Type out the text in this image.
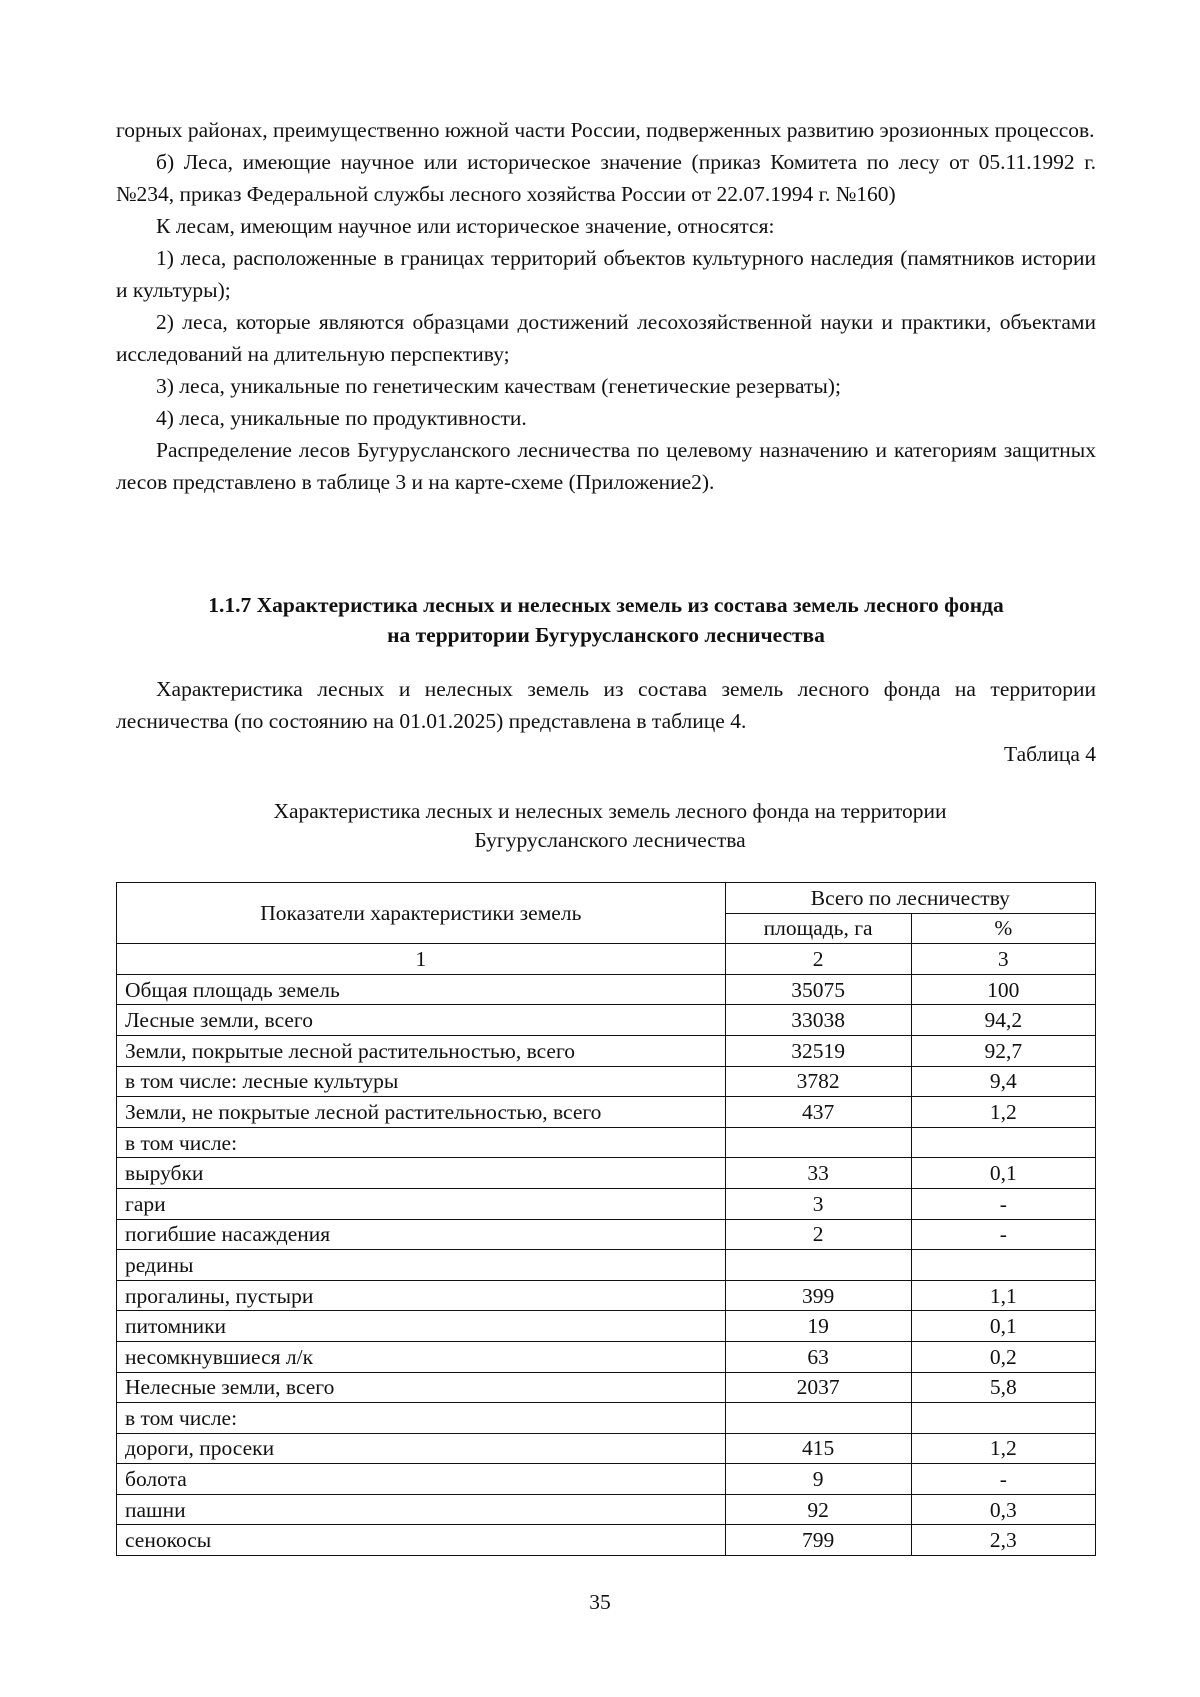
горных районах, преимущественно южной части России, подверженных развитию эрозионных процессов.

б) Леса, имеющие научное или историческое значение (приказ Комитета по лесу от 05.11.1992 г. №234, приказ Федеральной службы лесного хозяйства России от 22.07.1994 г. №160)

К лесам, имеющим научное или историческое значение, относятся:

1) леса, расположенные в границах территорий объектов культурного наследия (памятников истории и культуры);

2) леса, которые являются образцами достижений лесохозяйственной науки и практики, объектами исследований на длительную перспективу;

3) леса, уникальные по генетическим качествам (генетические резерваты);

4) леса, уникальные по продуктивности.

Распределение лесов Бугурусланского лесничества по целевому назначению и категориям защитных лесов представлено в таблице 3 и на карте-схеме (Приложение2).

1.1.7 Характеристика лесных и нелесных земель из состава земель лесного фонда
на территории Бугурусланского лесничества

Характеристика лесных и нелесных земель из состава земель лесного фонда на территории лесничества (по состоянию на 01.01.2025) представлена в таблице 4.

Таблица 4
Характеристика лесных и нелесных земель лесного фонда на территории
Бугурусланского лесничества
Показатели характеристики земель	Всего по лесничеству	
	площадь, га	%
1	2	3
Общая площадь земель	35075	100
Лесные земли, всего	33038	94,2
Земли, покрытые лесной растительностью, всего	32519	92,7
в том числе: лесные культуры	3782	9,4
Земли, не покрытые лесной растительностью, всего	437	1,2
в том числе:		
вырубки	33	0,1
гари	3	-
погибшие насаждения	2	-
редины		
прогалины, пустыри	399	1,1
питомники	19	0,1
несомкнувшиеся л/к	63	0,2
Нелесные земли, всего	2037	5,8
в том числе:		
дороги, просеки	415	1,2
болота	9	-
пашни	92	0,3
сенокосы	799	2,3
35
